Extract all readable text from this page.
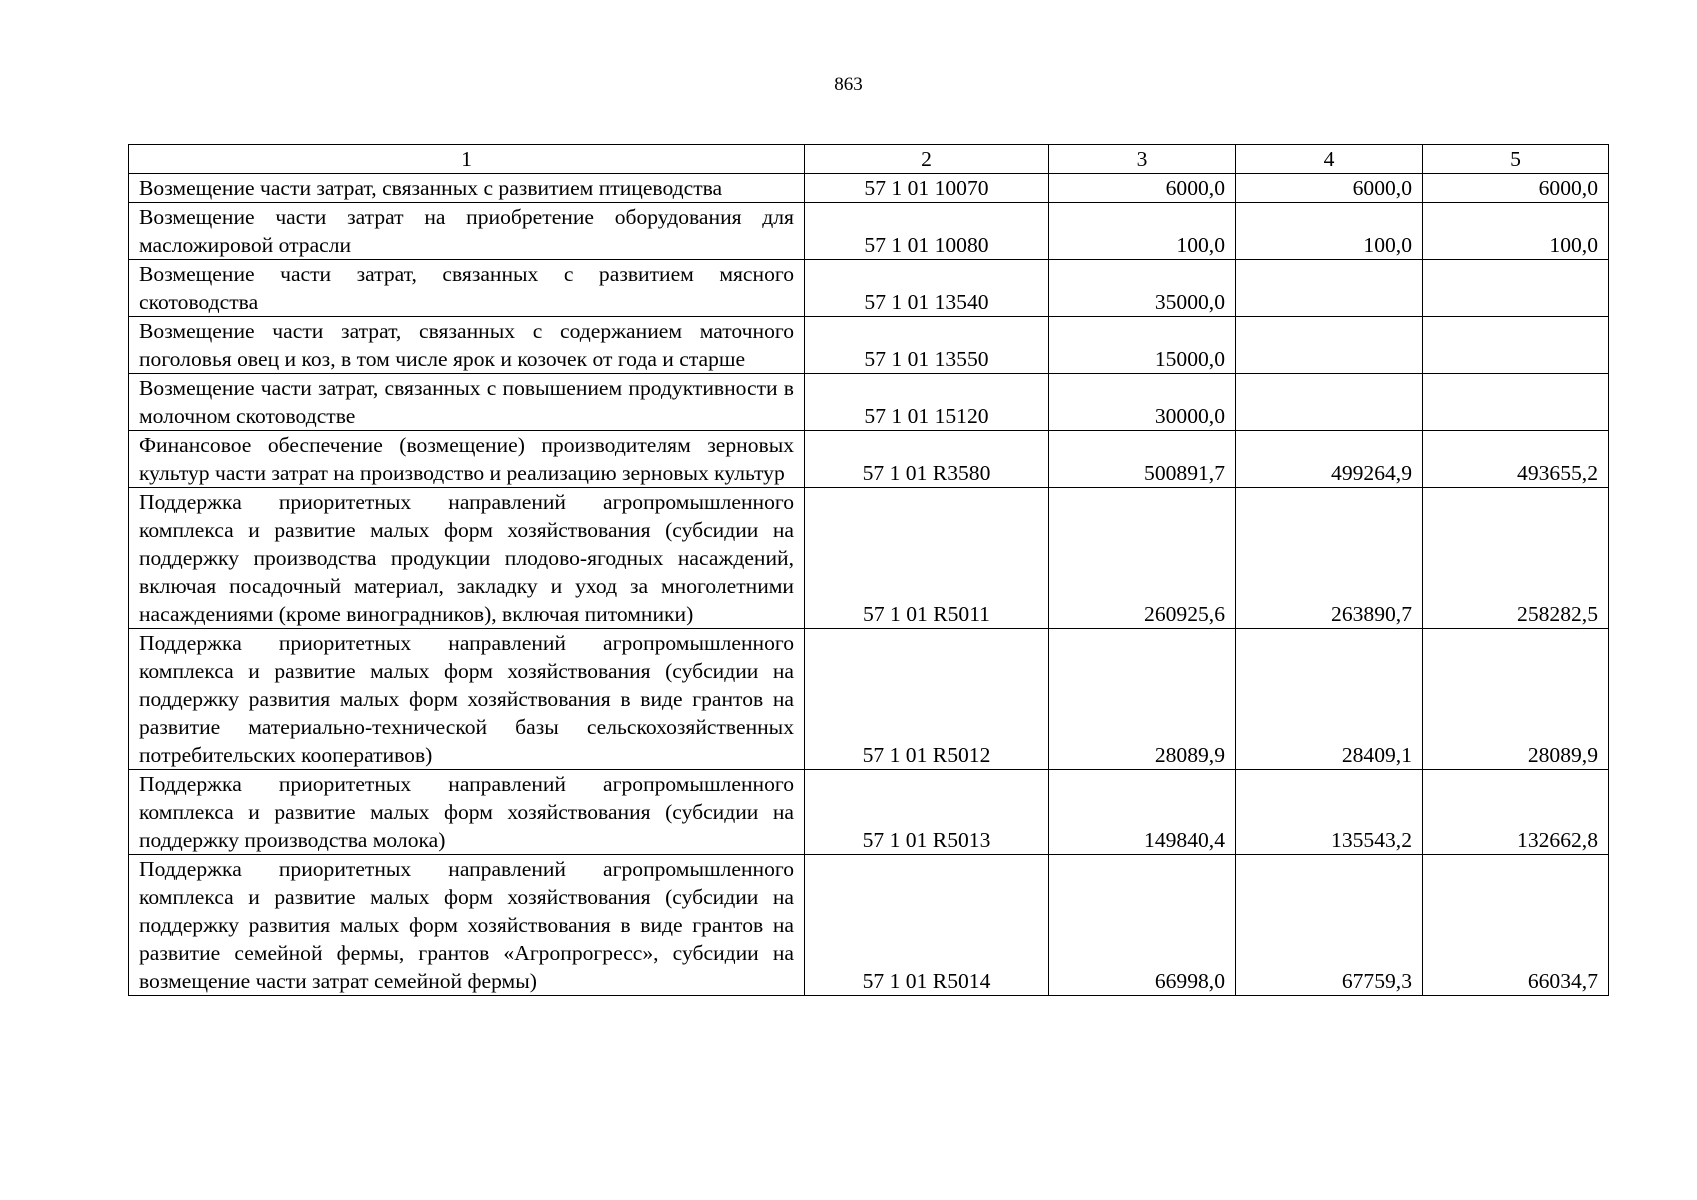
863
1	2	3	4	5
Возмещение части затрат, связанных с развитием птицеводства	57 1 01 10070	6000,0	6000,0	6000,0
Возмещение части затрат на приобретение оборудования для масложировой отрасли	57 1 01 10080	100,0	100,0	100,0
Возмещение части затрат, связанных с развитием мясного скотоводства	57 1 01 13540	35000,0		
Возмещение части затрат, связанных с содержанием маточного поголовья овец и коз, в том числе ярок и козочек от года и старше	57 1 01 13550	15000,0		
Возмещение части затрат, связанных с повышением продуктивности в молочном скотоводстве	57 1 01 15120	30000,0		
Финансовое обеспечение (возмещение) производителям зерновых культур части затрат на производство и реализацию зерновых культур	57 1 01 R3580	500891,7	499264,9	493655,2
Поддержка приоритетных направлений агропромышленного комплекса и развитие малых форм хозяйствования (субсидии на поддержку производства продукции плодово-ягодных насаждений, включая посадочный материал, закладку и уход за многолетними насаждениями (кроме виноградников), включая питомники)	57 1 01 R5011	260925,6	263890,7	258282,5
Поддержка приоритетных направлений агропромышленного комплекса и развитие малых форм хозяйствования (субсидии на поддержку развития малых форм хозяйствования в виде грантов на развитие материально-технической базы сельскохозяйственных потребительских кооперативов)	57 1 01 R5012	28089,9	28409,1	28089,9
Поддержка приоритетных направлений агропромышленного комплекса и развитие малых форм хозяйствования (субсидии на поддержку производства молока)	57 1 01 R5013	149840,4	135543,2	132662,8
Поддержка приоритетных направлений агропромышленного комплекса и развитие малых форм хозяйствования (субсидии на поддержку развития малых форм хозяйствования в виде грантов на развитие семейной фермы, грантов «Агропрогресс», субсидии на возмещение части затрат семейной фермы)	57 1 01 R5014	66998,0	67759,3	66034,7
